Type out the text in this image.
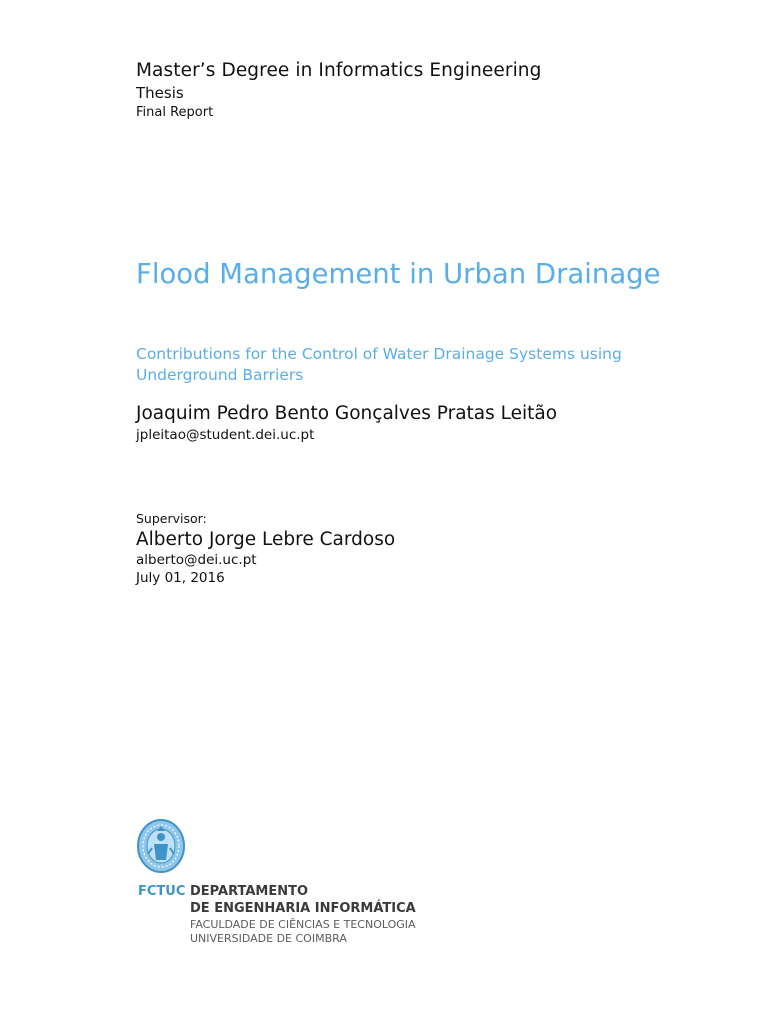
Master’s Degree in Informatics Engineering
Thesis
Final Report
Flood Management in Urban Drainage
Contributions for the Control of Water Drainage Systems using Underground Barriers
Joaquim Pedro Bento Gonçalves Pratas Leitão
jpleitao@student.dei.uc.pt
Supervisor:
Alberto Jorge Lebre Cardoso
alberto@dei.uc.pt
July 01, 2016
FCTUC DEPARTAMENTO
DE ENGENHARIA INFORMÁTICA
FACULDADE DE CIÊNCIAS E TECNOLOGIA
UNIVERSIDADE DE COIMBRA
